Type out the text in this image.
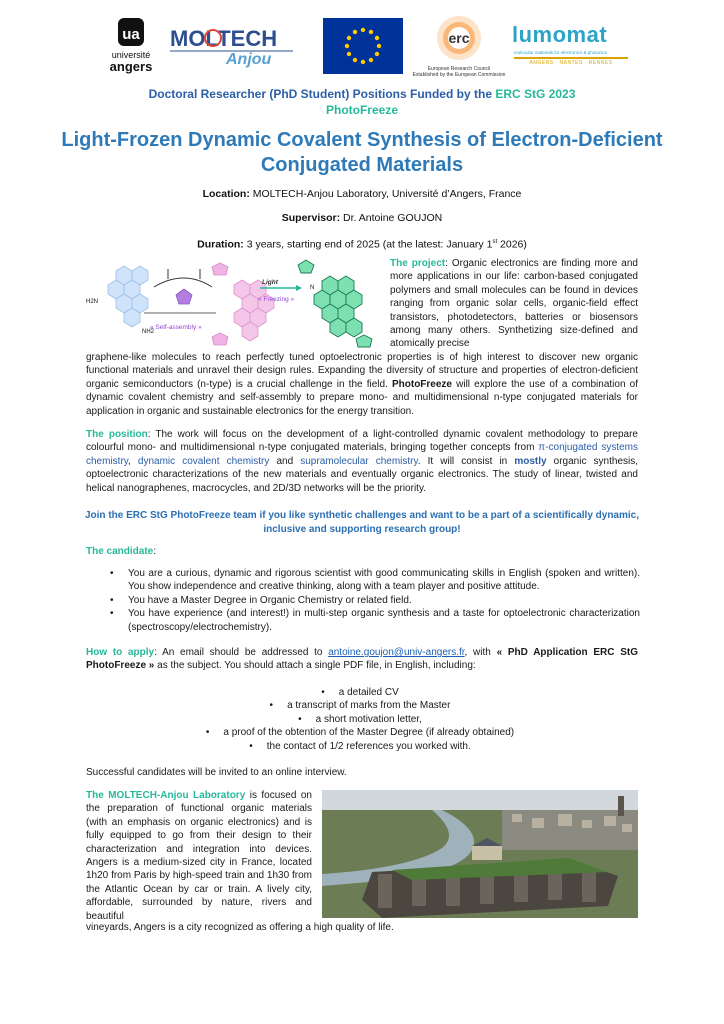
ua
université
angers
MOLTECH
Anjou
erc
European Research Council
Established by the European Commission
lumomat
molecular materials for electronics & photonics
ANGERS · NANTES · RENNES
Doctoral Researcher (PhD Student) Positions Funded by the ERC StG 2023
PhotoFreeze
Light-Frozen Dynamic Covalent Synthesis of Electron-Deficient Conjugated Materials
Location: MOLTECH-Anjou Laboratory, Université d’Angers, France
Supervisor: Dr. Antoine GOUJON
Duration: 3 years, starting end of 2025 (at the latest: January 1st 2026)
H2N
NH2
« Self-assembly »
Light
« Freezing »
N
The project: Organic electronics are finding more and more applications in our life: carbon-based conjugated polymers and small molecules can be found in devices ranging from organic solar cells, organic-field effect transistors, photodetectors, batteries or biosensors among many others. Synthetizing size-defined and atomically precise
graphene-like molecules to reach perfectly tuned optoelectronic properties is of high interest to discover new organic functional materials and unravel their design rules. Expanding the diversity of structure and properties of electron-deficient organic semiconductors (n-type) is a crucial challenge in the field. PhotoFreeze will explore the use of a combination of dynamic covalent chemistry and self-assembly to prepare mono- and multidimensional n-type conjugated materials for application in organic and sustainable electronics for the energy transition.
The position: The work will focus on the development of a light-controlled dynamic covalent methodology to prepare colourful mono- and multidimensional n-type conjugated materials, bringing together concepts from π-conjugated systems chemistry, dynamic covalent chemistry and supramolecular chemistry. It will consist in mostly organic synthesis, optoelectronic characterizations of the new materials and eventually organic electronics. The study of linear, twisted and helical nanographenes, macrocycles, and 2D/3D networks will be the priority.
Join the ERC StG PhotoFreeze team if you like synthetic challenges and want to be a part of a scientifically dynamic, inclusive and supporting research group!
The candidate:
• You are a curious, dynamic and rigorous scientist with good communicating skills in English (spoken and written). You show independence and creative thinking, along with a team player and positive attitude.
• You have a Master Degree in Organic Chemistry or related field.
• You have experience (and interest!) in multi-step organic synthesis and a taste for optoelectronic characterization (spectroscopy/electrochemistry).
How to apply: An email should be addressed to antoine.goujon@univ-angers.fr, with « PhD Application ERC StG PhotoFreeze » as the subject. You should attach a single PDF file, in English, including:
• a detailed CV
• a transcript of marks from the Master
• a short motivation letter,
• a proof of the obtention of the Master Degree (if already obtained)
• the contact of 1/2 references you worked with.
Successful candidates will be invited to an online interview.
The MOLTECH-Anjou Laboratory is focused on the preparation of functional organic materials (with an emphasis on organic electronics) and is fully equipped to go from their design to their characterization and integration into devices. Angers is a medium-sized city in France, located 1h20 from Paris by high-speed train and 1h30 from the Atlantic Ocean by car or train. A lively city, affordable, surrounded by nature, rivers and beautiful
vineyards, Angers is a city recognized as offering a high quality of life.
